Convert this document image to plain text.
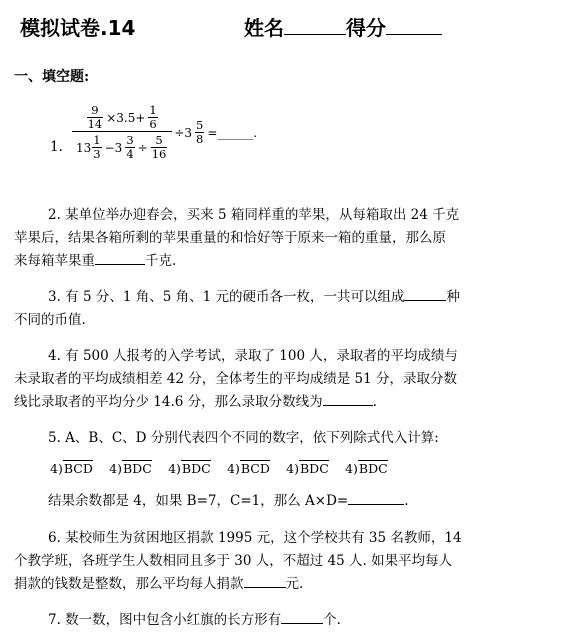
模拟试卷.14	姓名	得分
一、填空题:
1. $\frac{\frac{9}{14} \times 3.5+ \frac{1}{6}}{13 \frac{1}{3} -3 \frac{3}{4} \div \frac{5}{16}} \div 3 \frac{5}{8}$ =______.
2. 某单位举办迎春会，买来 5 箱同样重的苹果，从每箱取出 24 千克
苹果后，结果各箱所剩的苹果重量的和恰好等于原来一箱的重量，那么原
来每箱苹果重	千克.
3. 有 5 分、1 角、5 角、1 元的硬币各一枚，一共可以组成	种
不同的币值.
4. 有 500 人报考的入学考试，录取了 100 人，录取者的平均成绩与
未录取者的平均成绩相差 42 分，全体考生的平均成绩是 51 分，录取分数
线比录取者的平均分少 14.6 分，那么录取分数线为	.
5. A、B、C、D 分别代表四个不同的数字，依下列除式代入计算:
4)BCD 4)BDC 4)BDC 4)BCD 4)BDC 4)BDC
结果余数都是 4，如果 B=7，C=1，那么 A×D=	.
6. 某校师生为贫困地区捐款 1995 元，这个学校共有 35 名教师，14
个教学班，各班学生人数相同且多于 30 人，不超过 45 人. 如果平均每人
捐款的钱数是整数，那么平均每人捐款	元.
7. 数一数，图中包含小红旗的长方形有	个.
